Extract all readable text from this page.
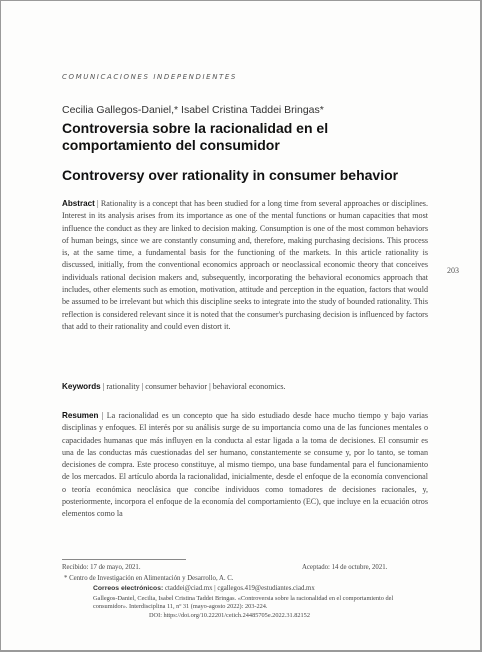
COMUNICACIONES INDEPENDIENTES
Cecilia Gallegos-Daniel,* Isabel Cristina Taddei Bringas*
Controversia sobre la racionalidad en el comportamiento del consumidor
Controversy over rationality in consumer behavior
Abstract | Rationality is a concept that has been studied for a long time from several approaches or disciplines. Interest in its analysis arises from its importance as one of the mental functions or human capacities that most influence the conduct as they are linked to decision making. Consumption is one of the most common behaviors of human beings, since we are constantly consuming and, therefore, making purchasing decisions. This process is, at the same time, a fundamental basis for the functioning of the markets. In this article rationality is discussed, initially, from the conventional economics approach or neoclassical economic theory that conceives individuals rational decision makers and, subsequently, incorporating the behavioral economics approach that includes, other elements such as emotion, motivation, attitude and perception in the equation, factors that would be assumed to be irrelevant but which this discipline seeks to integrate into the study of bounded rationality. This reflection is considered relevant since it is noted that the consumer's purchasing decision is influenced by factors that add to their rationality and could even distort it.
Keywords | rationality | consumer behavior | behavioral economics.
Resumen | La racionalidad es un concepto que ha sido estudiado desde hace mucho tiempo y bajo varias disciplinas y enfoques. El interés por su análisis surge de su importancia como una de las funciones mentales o capacidades humanas que más influyen en la conducta al estar ligada a la toma de decisiones. El consumir es una de las conductas más cuestionadas del ser humano, constantemente se consume y, por lo tanto, se toman decisiones de compra. Este proceso constituye, al mismo tiempo, una base fundamental para el funcionamiento de los mercados. El artículo aborda la racionalidad, inicialmente, desde el enfoque de la economía convencional o teoría económica neoclásica que concibe individuos como tomadores de decisiones racionales, y, posteriormente, incorpora el enfoque de la economía del comportamiento (EC), que incluye en la ecuación otros elementos como la
203
Recibido: 17 de mayo, 2021.	Aceptado: 14 de octubre, 2021.
* Centro de Investigación en Alimentación y Desarrollo, A. C.
Correos electrónicos: ctaddei@ciad.mx | cgallegos.419@estudiantes.ciad.mx
Gallegos-Daniel, Cecilia, Isabel Cristina Taddei Bringas. «Controversia sobre la racionalidad en el comportamiento del
consumidor». Interdisciplina 11, nº 31 (mayo-agosto 2022): 203-224.
DOI: https://doi.org/10.22201/ceiich.24485705e.2022.31.82152
